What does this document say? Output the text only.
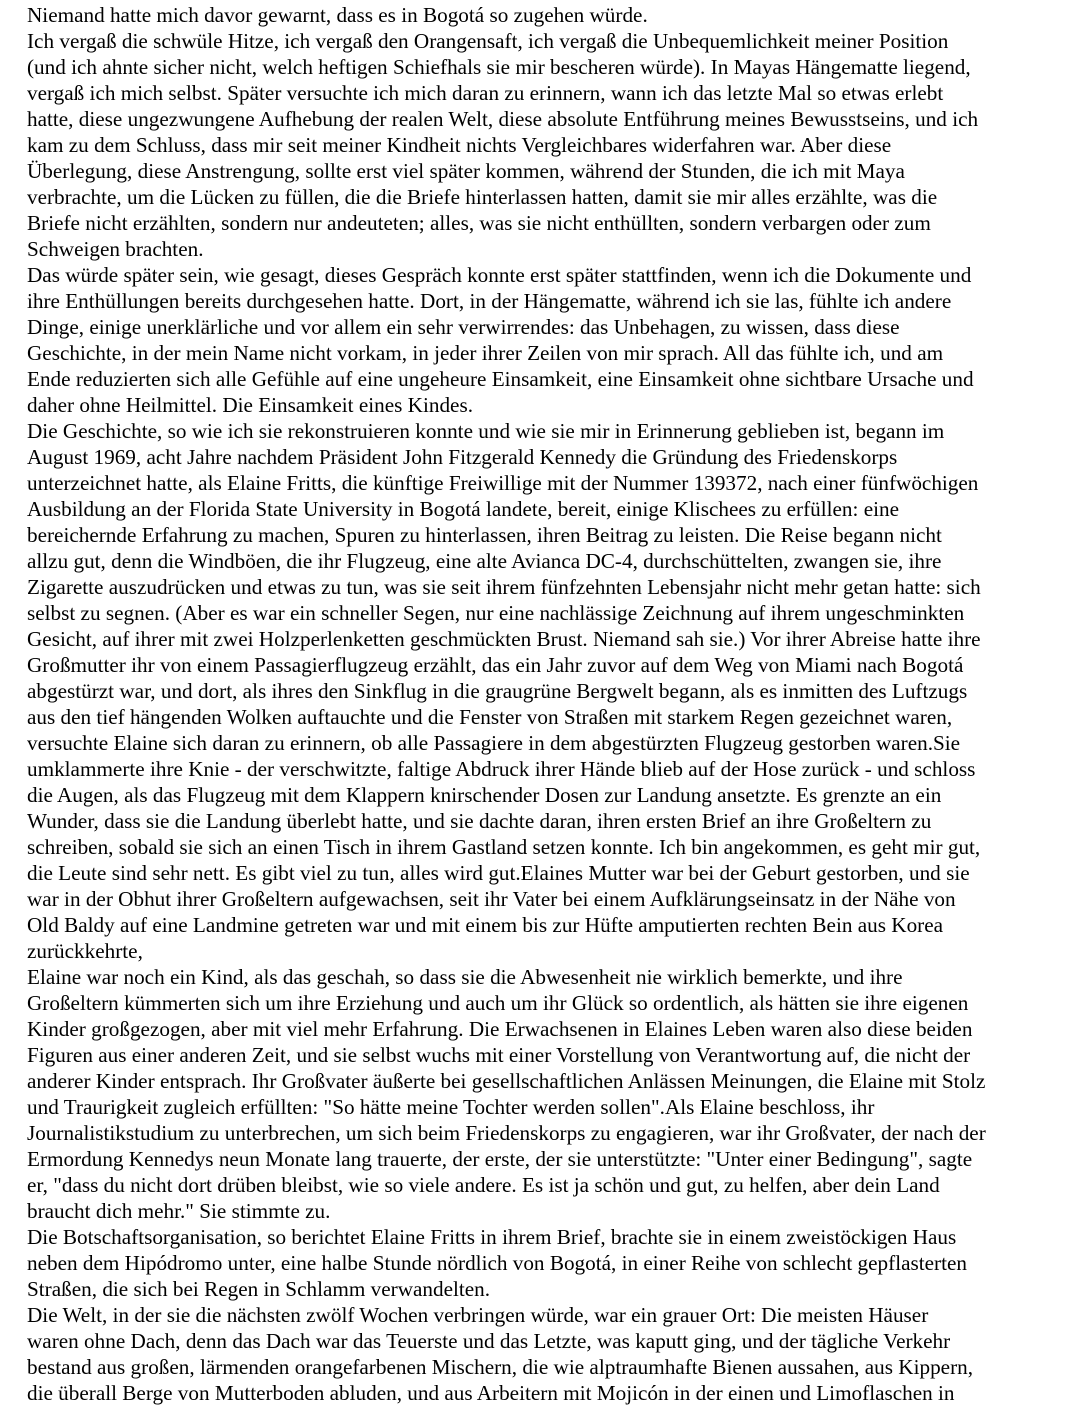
Niemand hatte mich davor gewarnt, dass es in Bogotá so zugehen würde.

Ich vergaß die schwüle Hitze, ich vergaß den Orangensaft, ich vergaß die Unbequemlichkeit meiner Position
(und ich ahnte sicher nicht, welch heftigen Schiefhals sie mir bescheren würde). In Mayas Hängematte liegend,
vergaß ich mich selbst. Später versuchte ich mich daran zu erinnern, wann ich das letzte Mal so etwas erlebt
hatte, diese ungezwungene Aufhebung der realen Welt, diese absolute Entführung meines Bewusstseins, und ich
kam zu dem Schluss, dass mir seit meiner Kindheit nichts Vergleichbares widerfahren war. Aber diese
Überlegung, diese Anstrengung, sollte erst viel später kommen, während der Stunden, die ich mit Maya
verbrachte, um die Lücken zu füllen, die die Briefe hinterlassen hatten, damit sie mir alles erzählte, was die
Briefe nicht erzählten, sondern nur andeuteten; alles, was sie nicht enthüllten, sondern verbargen oder zum
Schweigen brachten.

Das würde später sein, wie gesagt, dieses Gespräch konnte erst später stattfinden, wenn ich die Dokumente und
ihre Enthüllungen bereits durchgesehen hatte. Dort, in der Hängematte, während ich sie las, fühlte ich andere
Dinge, einige unerklärliche und vor allem ein sehr verwirrendes: das Unbehagen, zu wissen, dass diese
Geschichte, in der mein Name nicht vorkam, in jeder ihrer Zeilen von mir sprach. All das fühlte ich, und am
Ende reduzierten sich alle Gefühle auf eine ungeheure Einsamkeit, eine Einsamkeit ohne sichtbare Ursache und
daher ohne Heilmittel. Die Einsamkeit eines Kindes.

Die Geschichte, so wie ich sie rekonstruieren konnte und wie sie mir in Erinnerung geblieben ist, begann im
August 1969, acht Jahre nachdem Präsident John Fitzgerald Kennedy die Gründung des Friedenskorps
unterzeichnet hatte, als Elaine Fritts, die künftige Freiwillige mit der Nummer 139372, nach einer fünfwöchigen
Ausbildung an der Florida State University in Bogotá landete, bereit, einige Klischees zu erfüllen: eine
bereichernde Erfahrung zu machen, Spuren zu hinterlassen, ihren Beitrag zu leisten. Die Reise begann nicht
allzu gut, denn die Windböen, die ihr Flugzeug, eine alte Avianca DC-4, durchschüttelten, zwangen sie, ihre
Zigarette auszudrücken und etwas zu tun, was sie seit ihrem fünfzehnten Lebensjahr nicht mehr getan hatte: sich
selbst zu segnen. (Aber es war ein schneller Segen, nur eine nachlässige Zeichnung auf ihrem ungeschminkten
Gesicht, auf ihrer mit zwei Holzperlenketten geschmückten Brust. Niemand sah sie.) Vor ihrer Abreise hatte ihre
Großmutter ihr von einem Passagierflugzeug erzählt, das ein Jahr zuvor auf dem Weg von Miami nach Bogotá
abgestürzt war, und dort, als ihres den Sinkflug in die graugrüne Bergwelt begann, als es inmitten des Luftzugs
aus den tief hängenden Wolken auftauchte und die Fenster von Straßen mit starkem Regen gezeichnet waren,
versuchte Elaine sich daran zu erinnern, ob alle Passagiere in dem abgestürzten Flugzeug gestorben waren.Sie
umklammerte ihre Knie - der verschwitzte, faltige Abdruck ihrer Hände blieb auf der Hose zurück - und schloss
die Augen, als das Flugzeug mit dem Klappern knirschender Dosen zur Landung ansetzte. Es grenzte an ein
Wunder, dass sie die Landung überlebt hatte, und sie dachte daran, ihren ersten Brief an ihre Großeltern zu
schreiben, sobald sie sich an einen Tisch in ihrem Gastland setzen konnte. Ich bin angekommen, es geht mir gut,
die Leute sind sehr nett. Es gibt viel zu tun, alles wird gut.Elaines Mutter war bei der Geburt gestorben, und sie
war in der Obhut ihrer Großeltern aufgewachsen, seit ihr Vater bei einem Aufklärungseinsatz in der Nähe von
Old Baldy auf eine Landmine getreten war und mit einem bis zur Hüfte amputierten rechten Bein aus Korea
zurückkehrte,

Elaine war noch ein Kind, als das geschah, so dass sie die Abwesenheit nie wirklich bemerkte, und ihre
Großeltern kümmerten sich um ihre Erziehung und auch um ihr Glück so ordentlich, als hätten sie ihre eigenen
Kinder großgezogen, aber mit viel mehr Erfahrung. Die Erwachsenen in Elaines Leben waren also diese beiden
Figuren aus einer anderen Zeit, und sie selbst wuchs mit einer Vorstellung von Verantwortung auf, die nicht der
anderer Kinder entsprach. Ihr Großvater äußerte bei gesellschaftlichen Anlässen Meinungen, die Elaine mit Stolz
und Traurigkeit zugleich erfüllten: "So hätte meine Tochter werden sollen".Als Elaine beschloss, ihr
Journalistikstudium zu unterbrechen, um sich beim Friedenskorps zu engagieren, war ihr Großvater, der nach der
Ermordung Kennedys neun Monate lang trauerte, der erste, der sie unterstützte: "Unter einer Bedingung", sagte
er, "dass du nicht dort drüben bleibst, wie so viele andere. Es ist ja schön und gut, zu helfen, aber dein Land
braucht dich mehr." Sie stimmte zu.

Die Botschaftsorganisation, so berichtet Elaine Fritts in ihrem Brief, brachte sie in einem zweistöckigen Haus
neben dem Hipódromo unter, eine halbe Stunde nördlich von Bogotá, in einer Reihe von schlecht gepflasterten
Straßen, die sich bei Regen in Schlamm verwandelten.

Die Welt, in der sie die nächsten zwölf Wochen verbringen würde, war ein grauer Ort: Die meisten Häuser
waren ohne Dach, denn das Dach war das Teuerste und das Letzte, was kaputt ging, und der tägliche Verkehr
bestand aus großen, lärmenden orangefarbenen Mischern, die wie alptraumhafte Bienen aussahen, aus Kippern,
die überall Berge von Mutterboden abluden, und aus Arbeitern mit Mojicón in der einen und Limoflaschen in
